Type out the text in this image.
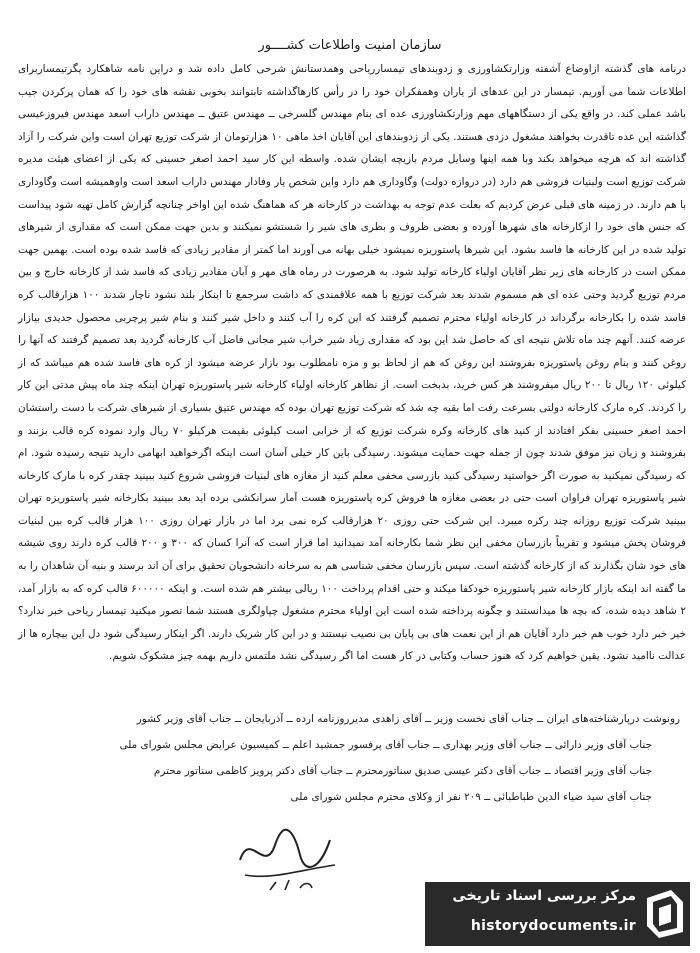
سازمان امنیت واطلاعات کشــــور

درنامه های گذشته ازاوضاع آشفته وزارتکشاورزی و زدوبندهای تیمسارریاحی وهمدستانش شرحی کامل داده شد و دراین نامه شاهکارد یگرتیمساربرای اطلاعات شما می آوریم. تیمسار در این عدهای از یاران وهمفکران خود را در رأس کارهاگذاشته تابتوانند بخوبی نقشه های خود را که همان پرکردن جیب باشد عملی کند. در واقع یکی از دستگاههای مهم وزارتکشاورزی عده ای بنام مهندس گلسرخی ــ مهندس عتیق ــ مهندس داراب اسعد مهندس فیروزعیسی گذاشته این عده تاقدرت بخواهند مشغول دزدی هستند. یکی از زدوبندهای این آقایان اخذ ماهی ۱۰ هزارتومان از شرکت توزیع تهران است واین شرکت را آزاد گذاشته اند که هرچه میخواهد بکند وبا همه اینها وسایل مردم بازیچه ایشان شده. واسطه این کار سید احمد اصغر حسینی که یکی از اعضای هیئت مدیره شرکت توزیع است ولبنیات فروشی هم دارد (در دروازه دولت) وگاوداری هم دارد واین شخص یار وفادار مهندس داراب اسعد است واوهمیشه است وگاوداری با هم دارند. در زمینه های قبلی عرض کردیم که بعلت عدم توجه به بهداشت در کارخانه هر که هماهنگ شده این اواخر چنانچه گزارش کامل تهیه شود پیداست که جنس های خود را ازکارخانه های شهرها آورده و بعضی ظروف و بطری های شیر را شستشو نمیکنند و بدین جهت ممکن است که مقداری از شیرهای تولید شده در این کارخانه ها فاسد بشود. این شیرها پاستوریزه نمیشود خیلی بهانه می آورند اما کمتر از مقادیر زیادی که فاسد شده بوده است. بهمین جهت ممکن است در کارخانه های زیر نظر آقایان اولیاء کارخانه تولید شود. به هرصورت در رماه های مهر و آبان مقادیر زیادی که فاسد شد از کارخانه خارج و بین مردم توزیع گردید وحتی عده ای هم مسموم شدند بعد شرکت توزیع با همه علاقمندی که داشت سرجمع تا اینکار بلند نشود ناچار شدند ۱۰۰ هزارقالب کره فاسد شده را بکارخانه برگرداند در کارخانه اولیاء محترم تصمیم گرفتند که این کره را آب کنند و داخل شیر کنند و بنام شیر پرچربی محصول جدیدی بیازار عرضه کنند. آنهم چند ماه تلاش نتیجه ای که حاصل شد این بود که مقداری زیاد شیر خراب شیر مجانی فاضل آب کارخانه گردید بعد تصمیم گرفتند که آنها را روغن کنند و بنام روغن پاستوریزه بفروشند این روغن که هم از لحاظ بو و مزه نامطلوب بود بازار عرضه میشود از کره های فاسد شده هم میباشد که از کیلوئی ۱۲۰ ریال تا ۲۰۰ ریال میفروشند هر کس خرید، بدبخت است. از نظاهر کارخانه اولیاء کارخانه شیر پاستوریزه تهران اینکه چند ماه پیش مدتی این کار را کردند. کره مارک کارخانه دولتی بسرعت رفت اما بقیه چه شد که شرکت توزیع تهران بوده که مهندس عتیق بسیاری از شیرهای شرکت با دست راستشان احمد اصغر حسینی بفکر افتادند از کنید های کارخانه وکره شرکت توزیع که از خرابی است کیلوئی بقیمت هرکیلو ۷۰ ریال وارد نموده کره قالب بزنند و بفروشند و زیان نیز موفق شدند چون از جمله جهت حمایت میشوند. رسیدگی باین کار خیلی آسان است اینکه اگرخواهید ابهامی دارید نتیجه رسیده شود. ام که رسیدگی نمیکنید به صورت اگر خواستید رسیدگی کنید بازرسی مخفی معلم کنید از مغازه های لبنیات فروشی شروع کنید ببینید چقدر کره با مارک کارخانه شیر پاستوریزه تهران فراوان است حتی در بعضی مغازه ها فروش کره پاستوریزه هست آمار سرانکشی برده اید بعد ببینید بکارخانه شیر پاستوریزه تهران ببینید شرکت توزیع روزانه چند رکره میبرد. این شرکت حتی روزی ۲۰ هزارقالب کره نمی برد اما در بازار تهران روزی ۱۰۰ هزار قالب کره بین لبنیات فروشان پخش میشود و تقریباً بازرسان مخفی این نظر شما بکارخانه آمد نمیدانید اما قرار است که آنرا کسان که ۳۰۰ و ۲۰۰ قالب کره دارند روی شیشه های خود شان بگذارند که از کارخانه گذشته است. سپس بازرسان مخفی شناسی هم به سرخانه دانشجویان تحقیق برای آن اند برسند و بنیه آن شاهدان را به ما گفته اند اینکه بازار کارخانه شیر پاستوریزه خودکفا میکند و حتی اقدام پرداخت ۱۰۰ ریالی بیشتر هم شده است. و اینکه ۶۰۰۰۰۰ قالب کره که به بازار آمد، ۲ شاهد دیده شده، که بچه ها میدانستند و چگونه پرداخته شده است این اولیاء محترم مشغول چپاولگری هستند شما تصور میکنید تیمسار ریاحی خبر ندارد؟ خیر خبر دارد خوب هم خبر دارد آقایان هم از این نعمت های بی پایان بی نصیب نیستند و در این کار شریک دارند. اگر اینکار رسیدگی شود دل این بیچاره ها از عدالت ناامید نشود. یقین خواهیم کرد که هنوز حساب وکتابی در کار هست اما اگر رسیدگی نشد ملتمس داریم بهمه چیز مشکوک شویم.

رونوشت درپارشناخته‌های ایران ــ جناب آقای نخست وزیر ــ آقای زاهدی مدیرروزنامه ارده ــ آذربایجان ــ جناب آقای وزیر کشور

جناب آقای وزیر دارائی ــ جناب آقای وزیر بهداری ــ جناب آقای پرفسور جمشید اعلم ــ کمیسیون عرایض مجلس شورای ملی

جناب آقای وزیر اقتصاد ــ جناب آقای دکتر عیسی صدیق سناتورمحترم ــ جناب آقای دکتر پرویز کاظمی سناتور محترم

جناب آقای سید ضیاء الدین طباطبائی ــ ۲۰۹ نفر از وکلای محترم مجلس شورای ملی

مرکز بررسی اسناد تاریخی
historydocuments.ir
